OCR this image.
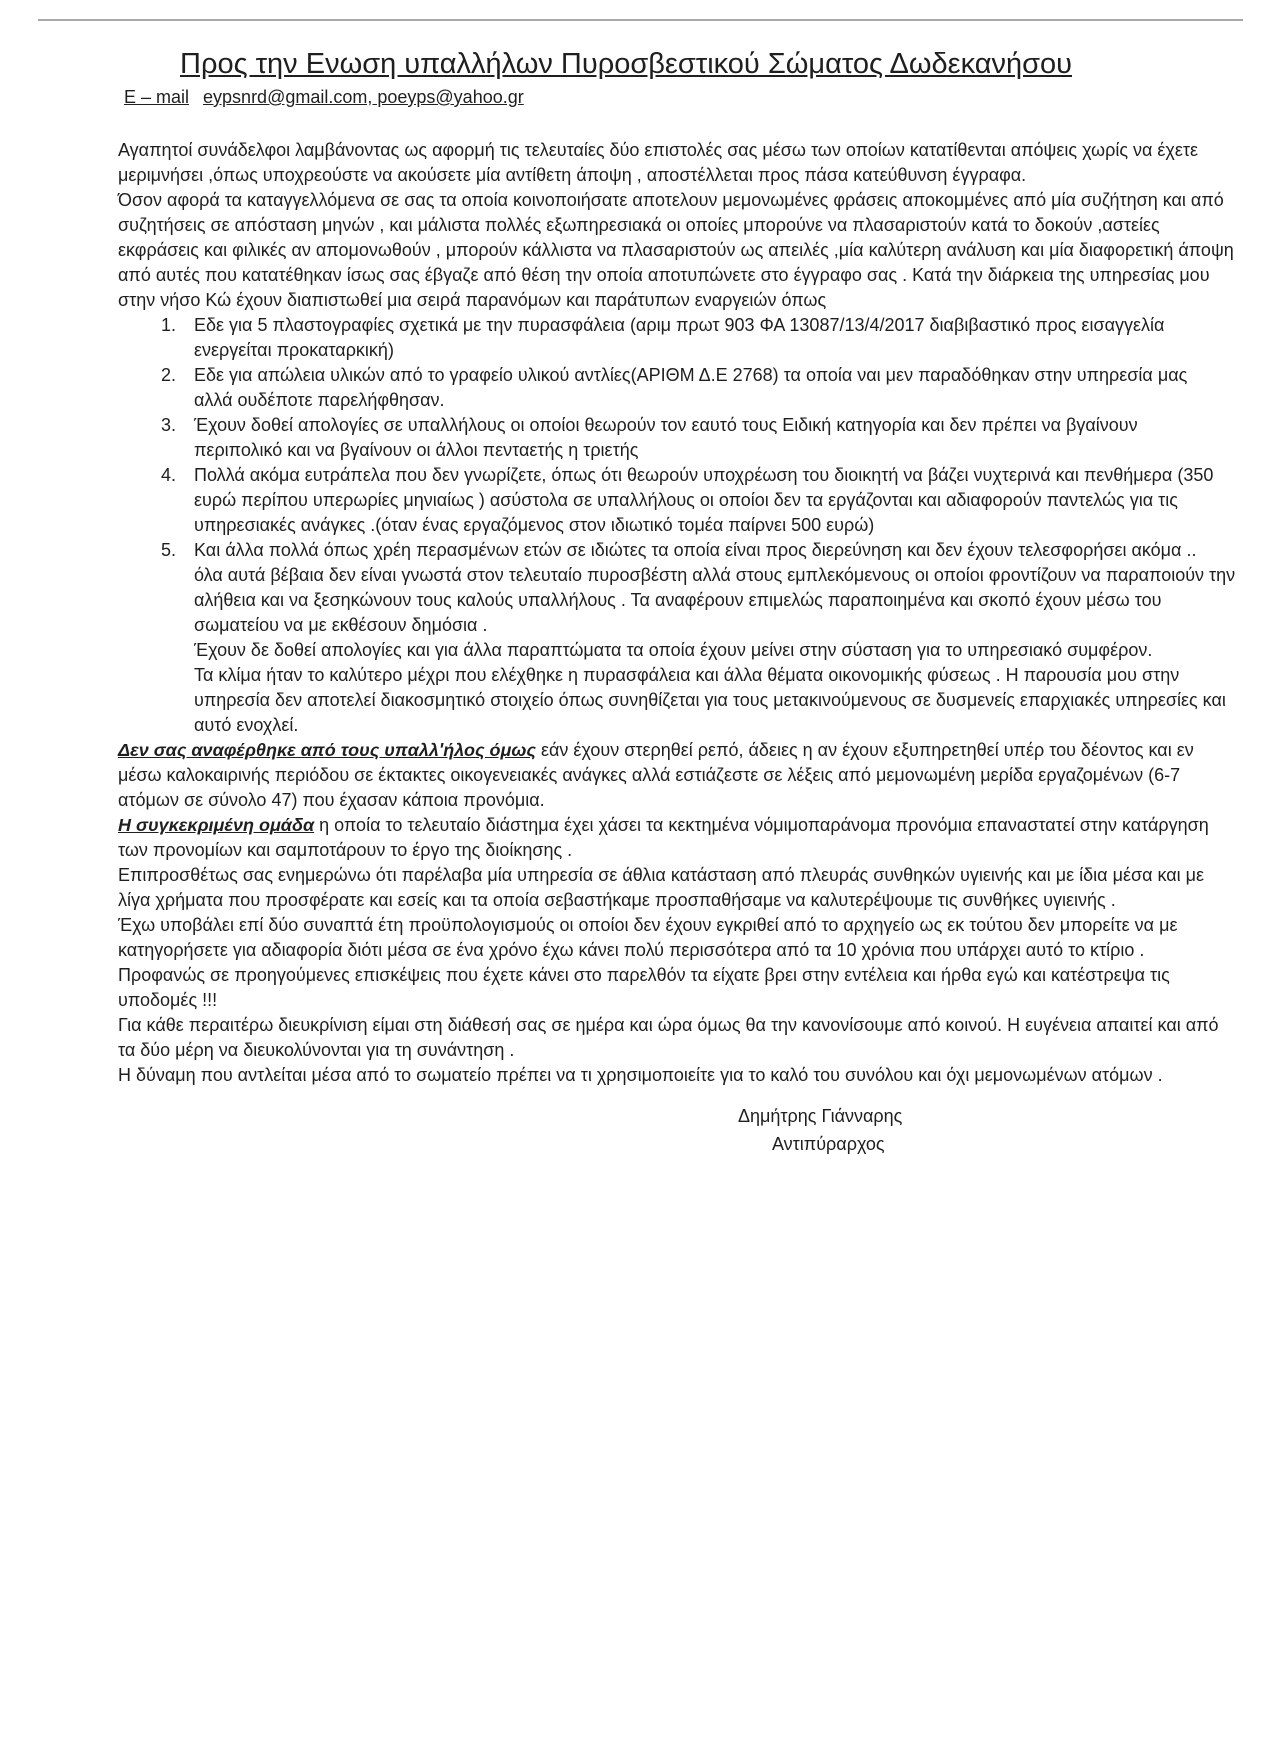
Προς την Ενωση υπαλλήλων Πυροσβεστικού Σώματος Δωδεκανήσου
E – mail eypsnrd@gmail.com, poeyps@yahoo.gr

Αγαπητοί συνάδελφοι λαμβάνοντας ως αφορμή τις τελευταίες δύο επιστολές σας μέσω των οποίων κατατίθενται απόψεις χωρίς να έχετε μεριμνήσει ,όπως υποχρεούστε να ακούσετε μία αντίθετη άποψη , αποστέλλεται προς πάσα κατεύθυνση έγγραφα.

Όσον αφορά τα καταγγελλόμενα σε σας τα οποία κοινοποιήσατε αποτελουν μεμονωμένες φράσεις αποκομμένες από μία συζήτηση και από συζητήσεις σε απόσταση μηνών , και μάλιστα πολλές εξωπηρεσιακά οι οποίες μπορούνε να πλασαριστούν κατά το δοκούν ,αστείες εκφράσεις και φιλικές αν απομονωθούν , μπορούν κάλλιστα να πλασαριστούν ως απειλές ,μία καλύτερη ανάλυση και μία διαφορετική άποψη από αυτές που κατατέθηκαν ίσως σας έβγαζε από θέση την οποία αποτυπώνετε στο έγγραφο σας . Κατά την διάρκεια της υπηρεσίας μου στην νήσο Κώ έχουν διαπιστωθεί μια σειρά παρανόμων και παράτυπων εναργειών όπως

1.	Εδε για 5 πλαστογραφίες σχετικά με την πυρασφάλεια (αριμ πρωτ 903 ΦΑ 13087/13/4/2017 διαβιβαστικό προς εισαγγελία ενεργείται προκαταρκική)
2.	Εδε για απώλεια υλικών από το γραφείο υλικού αντλίες(ΑΡΙΘΜ Δ.Ε 2768) τα οποία ναι μεν παραδόθηκαν στην υπηρεσία μας αλλά ουδέποτε παρελήφθησαν.
3.	Έχουν δοθεί απολογίες σε υπαλλήλους οι οποίοι θεωρούν τον εαυτό τους Ειδική κατηγορία και δεν πρέπει να βγαίνουν περιπολικό και να βγαίνουν οι άλλοι πενταετής η τριετής
4.	Πολλά ακόμα ευτράπελα που δεν γνωρίζετε, όπως ότι θεωρούν υποχρέωση του διοικητή να βάζει νυχτερινά και πενθήμερα (350 ευρώ περίπου υπερωρίες μηνιαίως ) ασύστολα σε υπαλλήλους οι οποίοι δεν τα εργάζονται και αδιαφορούν παντελώς για τις υπηρεσιακές ανάγκες .(όταν ένας εργαζόμενος στον ιδιωτικό τομέα παίρνει 500 ευρώ)
5.	Και άλλα πολλά όπως χρέη περασμένων ετών σε ιδιώτες τα οποία είναι προς διερεύνηση και δεν έχουν τελεσφορήσει ακόμα ..

όλα αυτά βέβαια δεν είναι γνωστά στον τελευταίο πυροσβέστη αλλά στους εμπλεκόμενους οι οποίοι φροντίζουν να παραποιούν την αλήθεια και να ξεσηκώνουν τους καλούς υπαλλήλους . Τα αναφέρουν επιμελώς παραποιημένα και σκοπό έχουν μέσω του σωματείου να με εκθέσουν δημόσια .

Έχουν δε δοθεί απολογίες και για άλλα παραπτώματα τα οποία έχουν μείνει στην σύσταση για το υπηρεσιακό συμφέρον.

Τα κλίμα ήταν το καλύτερο μέχρι που ελέχθηκε η πυρασφάλεια και άλλα θέματα οικονομικής φύσεως . Η παρουσία μου στην υπηρεσία δεν αποτελεί διακοσμητικό στοιχείο όπως συνηθίζεται για τους μετακινούμενους σε δυσμενείς επαρχιακές υπηρεσίες και αυτό ενοχλεί.

Δεν σας αναφέρθηκε από τους υπαλλ'ήλος όμως εάν έχουν στερηθεί ρεπό, άδειες η αν έχουν εξυπηρετηθεί υπέρ του δέοντος και εν μέσω καλοκαιρινής περιόδου σε έκτακτες οικογενειακές ανάγκες αλλά εστιάζεστε σε λέξεις από μεμονωμένη μερίδα εργαζομένων (6-7 ατόμων σε σύνολο 47) που έχασαν κάποια προνόμια.

Η συγκεκριμένη ομάδα η οποία το τελευταίο διάστημα έχει χάσει τα κεκτημένα νόμιμοπαράνομα προνόμια επαναστατεί στην κατάργηση των προνομίων και σαμποτάρουν το έργο της διοίκησης .

Επιπροσθέτως σας ενημερώνω ότι παρέλαβα μία υπηρεσία σε άθλια κατάσταση από πλευράς συνθηκών υγιεινής και με ίδια μέσα και με λίγα χρήματα που προσφέρατε και εσείς και τα οποία σεβαστήκαμε προσπαθήσαμε να καλυτερέψουμε τις συνθήκες υγιεινής .

Έχω υποβάλει επί δύο συναπτά έτη προϋπολογισμούς οι οποίοι δεν έχουν εγκριθεί από το αρχηγείο ως εκ τούτου δεν μπορείτε να με κατηγορήσετε για αδιαφορία διότι μέσα σε ένα χρόνο έχω κάνει πολύ περισσότερα από τα 10 χρόνια που υπάρχει αυτό το κτίριο .

Προφανώς σε προηγούμενες επισκέψεις που έχετε κάνει στο παρελθόν τα είχατε βρει στην εντέλεια και ήρθα εγώ και κατέστρεψα τις υποδομές !!!

Για κάθε περαιτέρω διευκρίνιση είμαι στη διάθεσή σας σε ημέρα και ώρα όμως θα την κανονίσουμε από κοινού. Η ευγένεια απαιτεί και από τα δύο μέρη να διευκολύνονται για τη συνάντηση .

Η δύναμη που αντλείται μέσα από το σωματείο πρέπει να τι χρησιμοποιείτε για το καλό του συνόλου και όχι μεμονωμένων ατόμων .

Δημήτρης Γιάνναρης
Αντιπύραρχος
